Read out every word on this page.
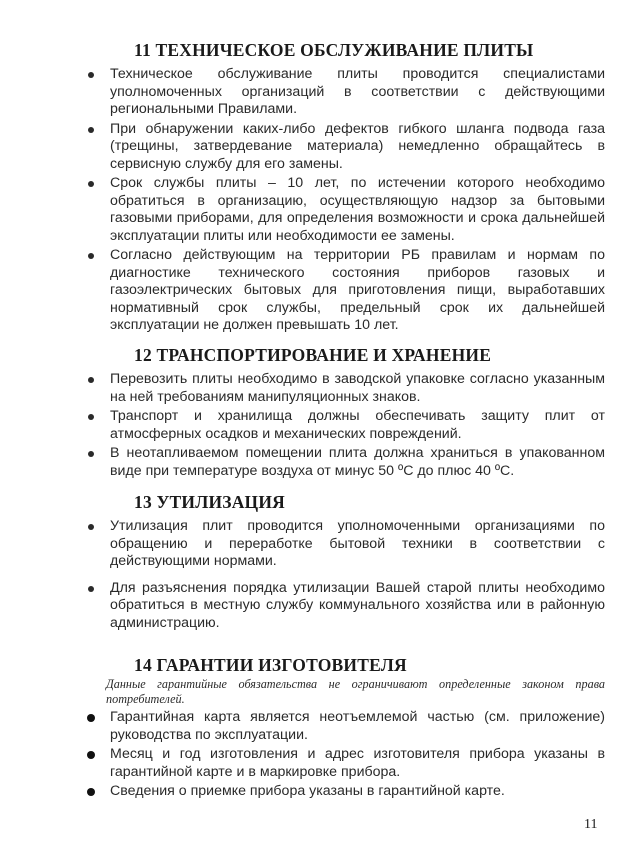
11 ТЕХНИЧЕСКОЕ ОБСЛУЖИВАНИЕ ПЛИТЫ
Техническое обслуживание плиты проводится специалистами уполномоченных организаций в соответствии с действующими региональными Правилами.
При обнаружении каких-либо дефектов гибкого шланга подвода газа (трещины, затвердевание материала) немедленно обращайтесь в сервисную службу для его замены.
Срок службы плиты – 10 лет, по истечении которого необходимо обратиться в организацию, осуществляющую надзор за бытовыми газовыми приборами, для определения возможности и срока дальнейшей эксплуатации плиты или необходимости ее замены.
Согласно действующим на территории РБ правилам и нормам по диагностике технического состояния приборов газовых и газоэлектрических бытовых для приготовления пищи, выработавших нормативный срок службы, предельный срок их дальнейшей эксплуатации не должен превышать 10 лет.
12 ТРАНСПОРТИРОВАНИЕ И ХРАНЕНИЕ
Перевозить плиты необходимо в заводской упаковке согласно указанным на ней требованиям манипуляционных знаков.
Транспорт и хранилища должны обеспечивать защиту плит от атмосферных осадков и механических повреждений.
В неотапливаемом помещении плита должна храниться в упакованном виде при температуре воздуха от минус 50 ºС до плюс 40 ºС.
13 УТИЛИЗАЦИЯ
Утилизация плит проводится уполномоченными организациями по обращению и переработке бытовой техники в соответствии с действующими нормами.
Для разъяснения порядка утилизации Вашей старой плиты необходимо обратиться в местную службу коммунального хозяйства или в районную администрацию.
14 ГАРАНТИИ ИЗГОТОВИТЕЛЯ

Данные гарантийные обязательства не ограничивают определенные законом права потребителей.

Гарантийная карта является неотъемлемой частью (см. приложение) руководства по эксплуатации.
Месяц и год изготовления и адрес изготовителя прибора указаны в гарантийной карте и в маркировке прибора.
Сведения о приемке прибора указаны в гарантийной карте.
11
